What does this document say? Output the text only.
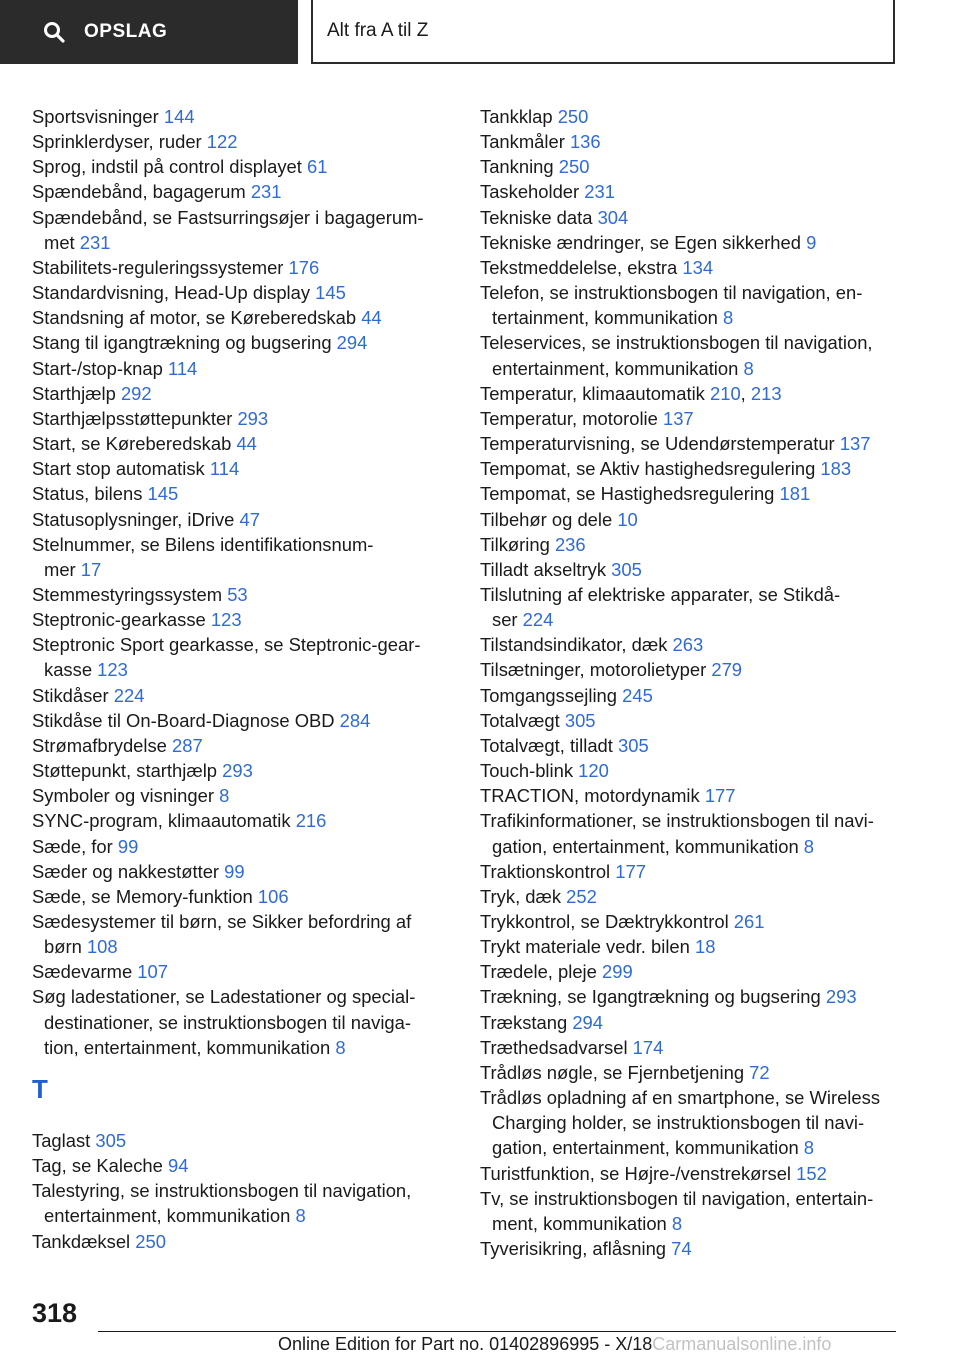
OPSLAG	Alt fra A til Z
Sportsvisninger 144
Sprinklerdyser, ruder 122
Sprog, indstil på control displayet 61
Spændebånd, bagagerum 231
Spændebånd, se Fastsurringsøjer i bagagerum-
met 231
Stabilitets-reguleringssystemer 176
Standardvisning, Head-Up display 145
Standsning af motor, se Køreberedskab 44
Stang til igangtrækning og bugsering 294
Start-/stop-knap 114
Starthjælp 292
Starthjælpsstøttepunkter 293
Start, se Køreberedskab 44
Start stop automatisk 114
Status, bilens 145
Statusoplysninger, iDrive 47
Stelnummer, se Bilens identifikationsnum-
mer 17
Stemmestyringssystem 53
Steptronic-gearkasse 123
Steptronic Sport gearkasse, se Steptronic-gear-
kasse 123
Stikdåser 224
Stikdåse til On-Board-Diagnose OBD 284
Strømafbrydelse 287
Støttepunkt, starthjælp 293
Symboler og visninger 8
SYNC-program, klimaautomatik 216
Sæde, for 99
Sæder og nakkestøtter 99
Sæde, se Memory-funktion 106
Sædesystemer til børn, se Sikker befordring af
børn 108
Sædevarme 107
Søg ladestationer, se Ladestationer og special-
destinationer, se instruktionsbogen til naviga-
tion, entertainment, kommunikation 8
T
Taglast 305
Tag, se Kaleche 94
Talestyring, se instruktionsbogen til navigation,
entertainment, kommunikation 8
Tankdæksel 250
Tankklap 250
Tankmåler 136
Tankning 250
Taskeholder 231
Tekniske data 304
Tekniske ændringer, se Egen sikkerhed 9
Tekstmeddelelse, ekstra 134
Telefon, se instruktionsbogen til navigation, en-
tertainment, kommunikation 8
Teleservices, se instruktionsbogen til navigation,
entertainment, kommunikation 8
Temperatur, klimaautomatik 210, 213
Temperatur, motorolie 137
Temperaturvisning, se Udendørstemperatur 137
Tempomat, se Aktiv hastighedsregulering 183
Tempomat, se Hastighedsregulering 181
Tilbehør og dele 10
Tilkøring 236
Tilladt akseltryk 305
Tilslutning af elektriske apparater, se Stikdå-
ser 224
Tilstandsindikator, dæk 263
Tilsætninger, motorolietyper 279
Tomgangssejling 245
Totalvægt 305
Totalvægt, tilladt 305
Touch-blink 120
TRACTION, motordynamik 177
Trafikinformationer, se instruktionsbogen til navi-
gation, entertainment, kommunikation 8
Traktionskontrol 177
Tryk, dæk 252
Trykkontrol, se Dæktrykkontrol 261
Trykt materiale vedr. bilen 18
Trædele, pleje 299
Trækning, se Igangtrækning og bugsering 293
Trækstang 294
Træthedsadvarsel 174
Trådløs nøgle, se Fjernbetjening 72
Trådløs opladning af en smartphone, se Wireless
Charging holder, se instruktionsbogen til navi-
gation, entertainment, kommunikation 8
Turistfunktion, se Højre-/venstrekørsel 152
Tv, se instruktionsbogen til navigation, entertain-
ment, kommunikation 8
Tyverisikring, aflåsning 74
318
Online Edition for Part no. 01402896995 - X/18Carmanualsonline.info
